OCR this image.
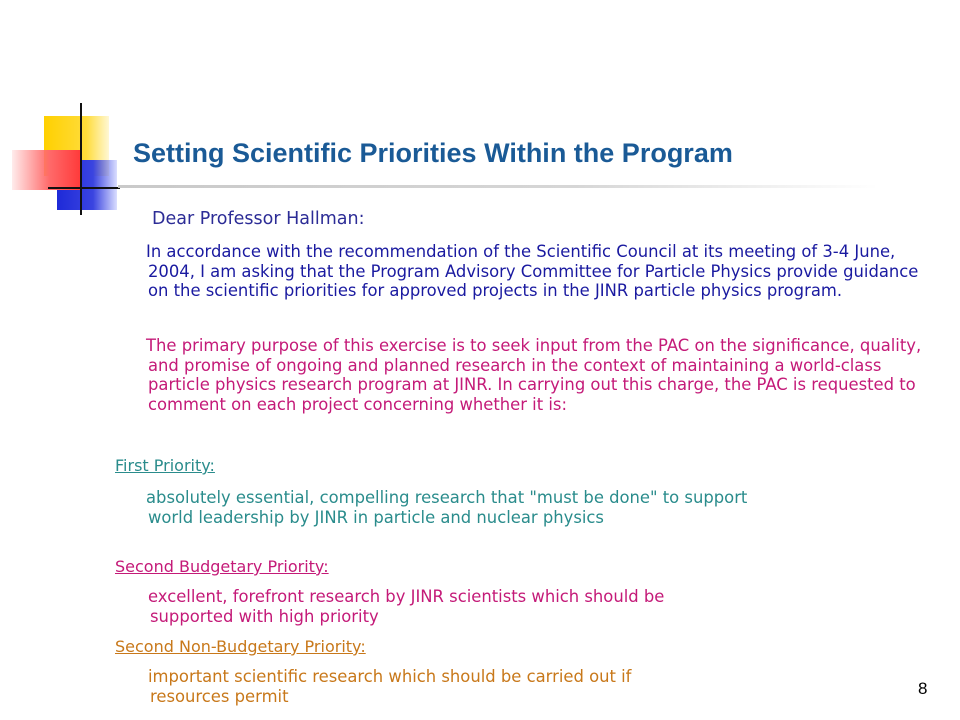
Setting Scientific Priorities Within the Program
Dear Professor Hallman:
In accordance with the recommendation of the Scientific Council at its meeting of 3-4 June, 2004, I am asking that the Program Advisory Committee for Particle Physics provide guidance on the scientific priorities for approved projects in the JINR particle physics program.
The primary purpose of this exercise is to seek input from the PAC on the significance, quality, and promise of ongoing and planned research in the context of maintaining a world-class particle physics research program at JINR. In carrying out this charge, the PAC is requested to comment on each project concerning whether it is:
First Priority:
absolutely essential, compelling research that "must be done" to support world leadership by JINR in particle and nuclear physics
Second Budgetary Priority:
excellent, forefront research by JINR scientists which should be supported with high priority
Second Non-Budgetary Priority:
important scientific research which should be carried out if resources permit	8
